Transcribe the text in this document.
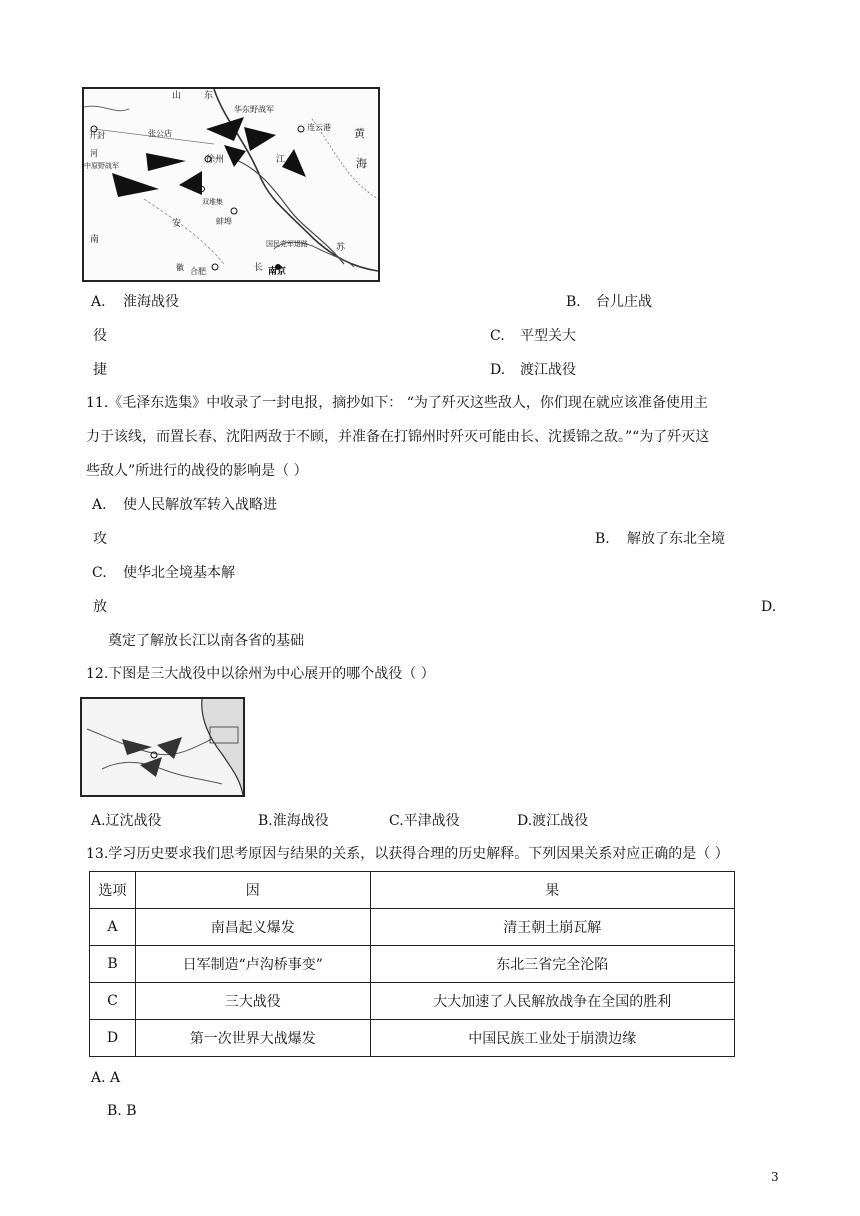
山	东
华东野战军
连云港
开封	张公店
徐州	江
黄
海
河
中原野战军
安	蚌埠
双堆集
南	国民党军退路	苏
徽 合肥	长 南京
A. 淮海战役	B. 台儿庄战
役	C. 平型关大
捷	D. 渡江战役
11.《毛泽东选集》中收录了一封电报，摘抄如下： “为了歼灭这些敌人，你们现在就应该准备使用主
力于该线，而置长春、沈阳两敌于不顾，并准备在打锦州时歼灭可能由长、沈援锦之敌。”“为了歼灭这
些敌人”所进行的战役的影响是（ ）
A. 使人民解放军转入战略进
攻	B. 解放了东北全境
C. 使华北全境基本解
放	D.
奠定了解放长江以南各省的基础
12.下图是三大战役中以徐州为中心展开的哪个战役（ ）
A.辽沈战役	B.淮海战役	C.平津战役	D.渡江战役
13.学习历史要求我们思考原因与结果的关系，以获得合理的历史解释。下列因果关系对应正确的是（ ）
选项	因	果
A	南昌起义爆发	清王朝土崩瓦解
B	日军制造“卢沟桥事变”	东北三省完全沦陷
C	三大战役	大大加速了人民解放战争在全国的胜利
D	第一次世界大战爆发	中国民族工业处于崩溃边缘
A. A
B. B
3
